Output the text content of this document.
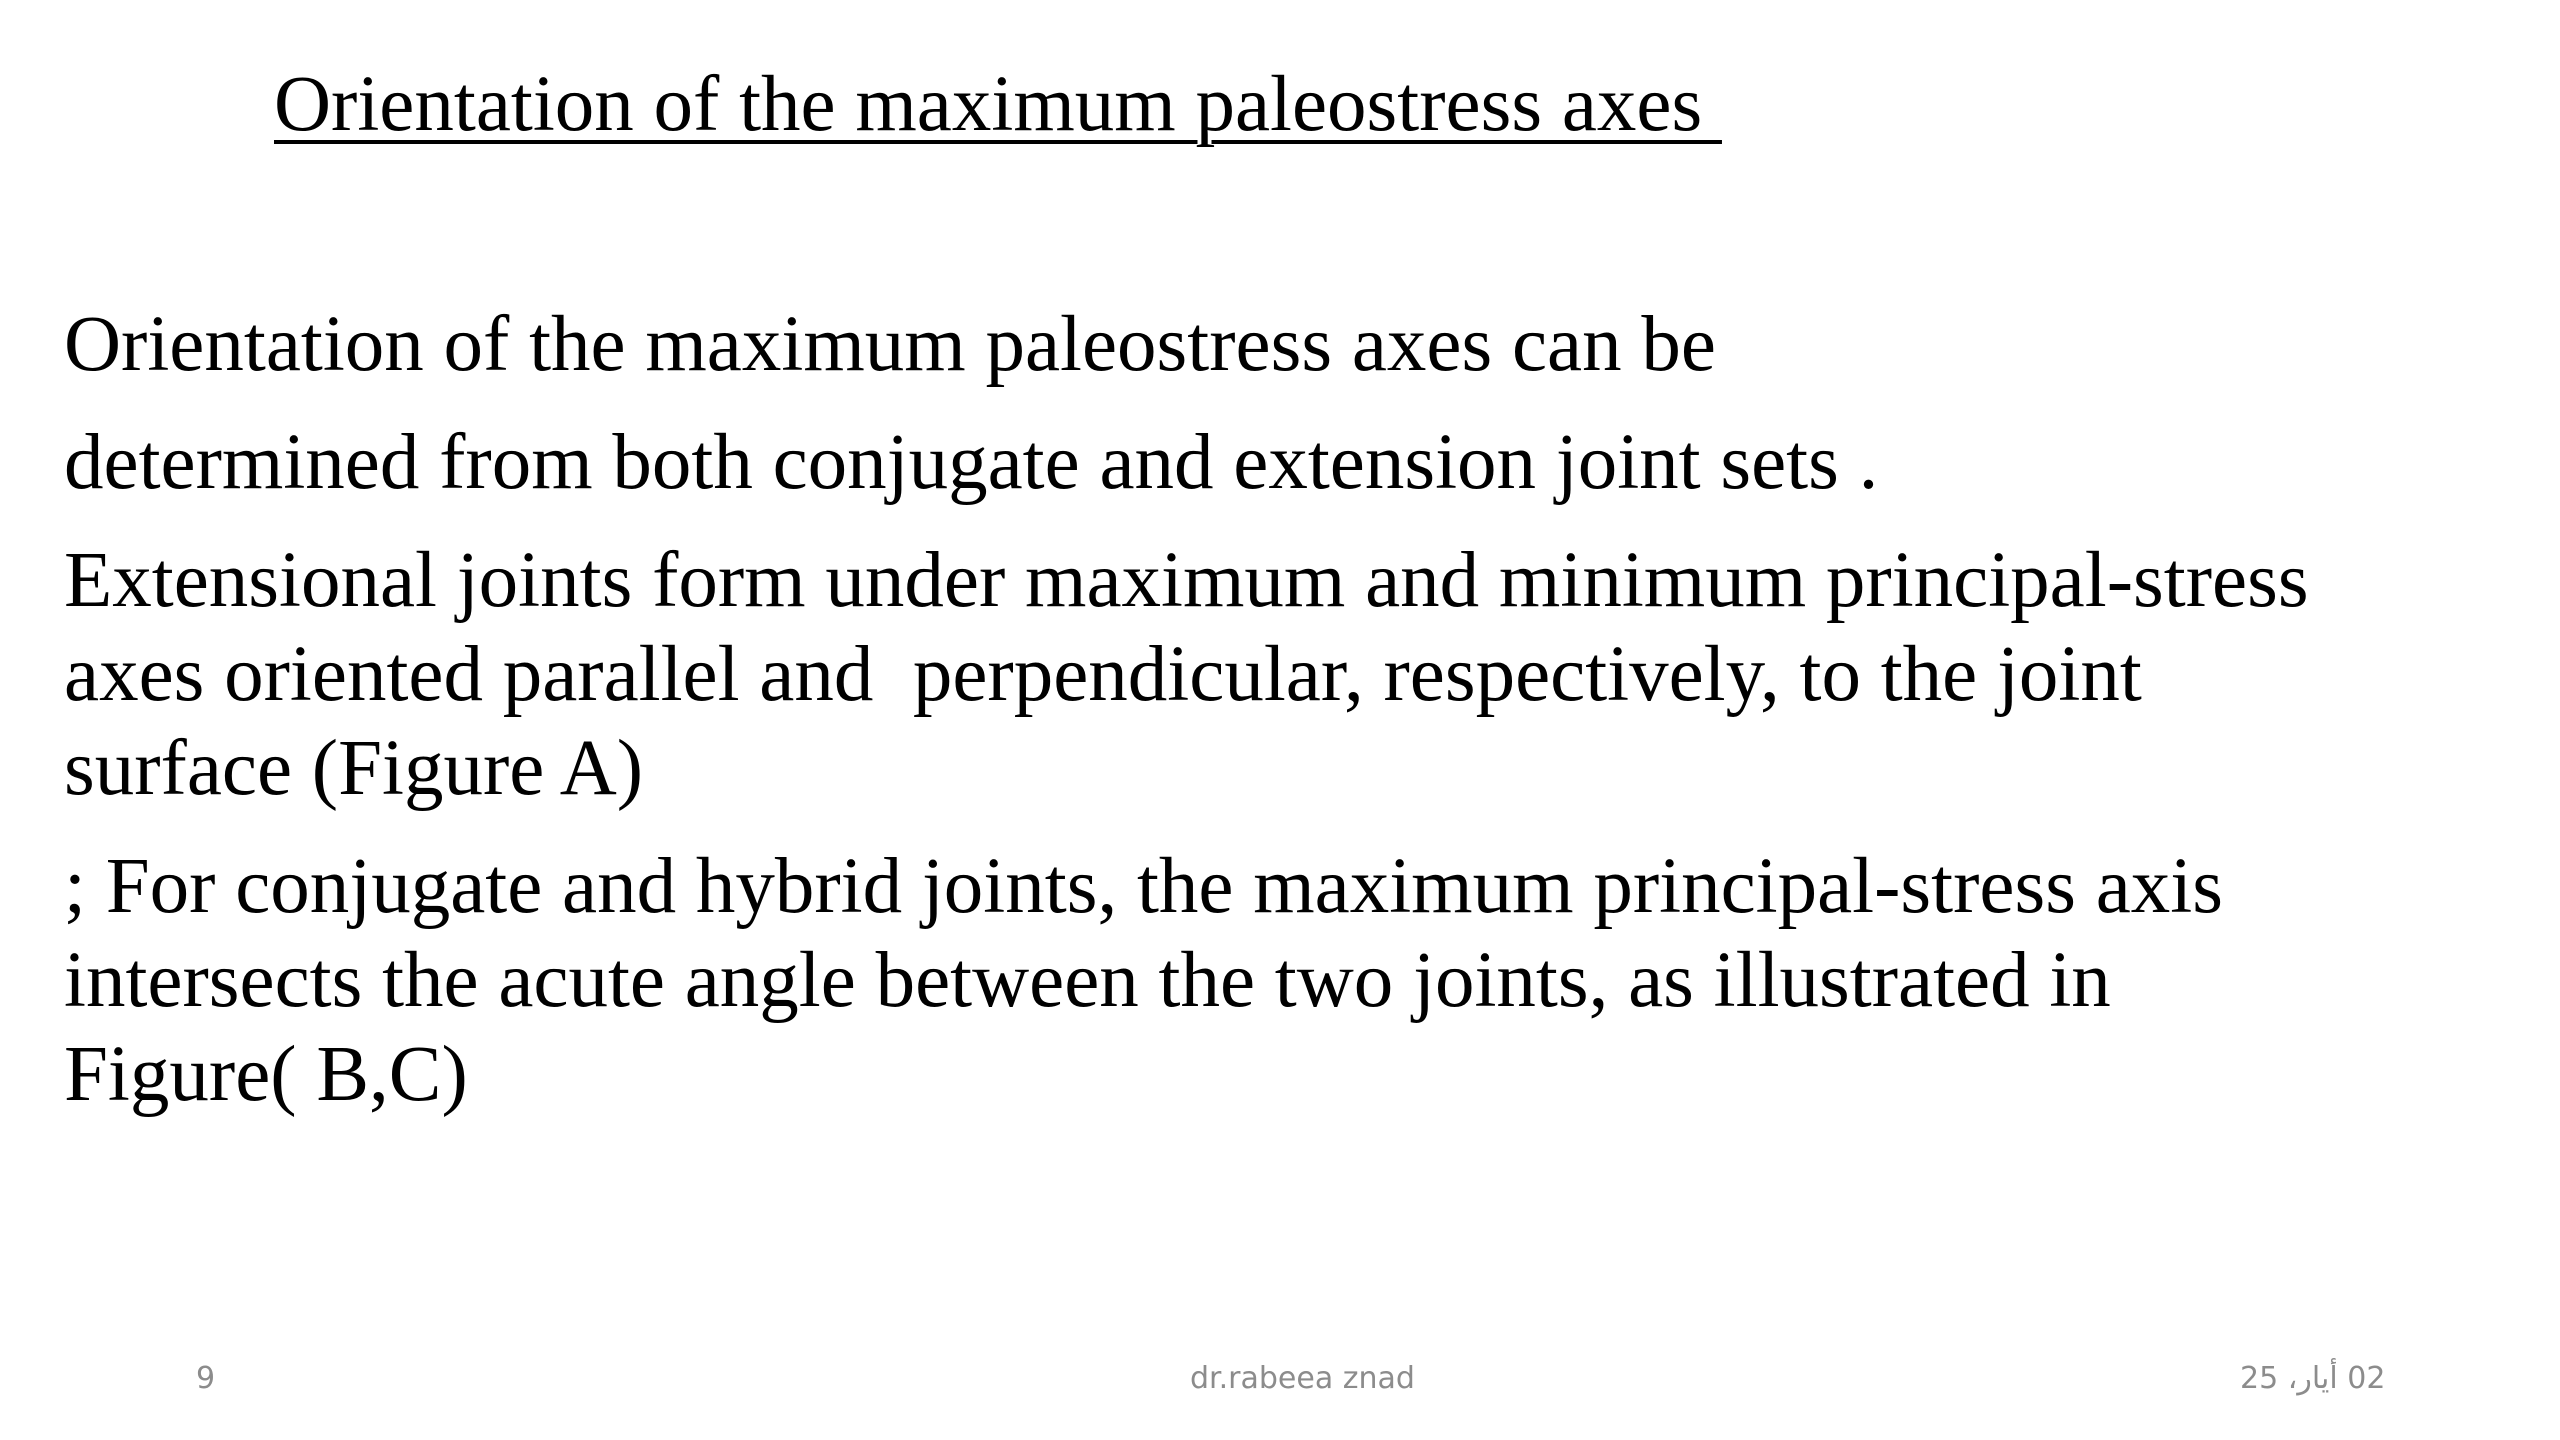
Orientation of the maximum paleostress axes

Orientation of the maximum paleostress axes can be

determined from both conjugate and extension joint sets .

Extensional joints form under maximum and minimum principal-stress
axes oriented parallel and  perpendicular, respectively, to the joint
surface (Figure A)

; For conjugate and hybrid joints, the maximum principal-stress axis
intersects the acute angle between the two joints, as illustrated in
Figure( B,C)

9	dr.rabeea znad	02 أيار، 25
